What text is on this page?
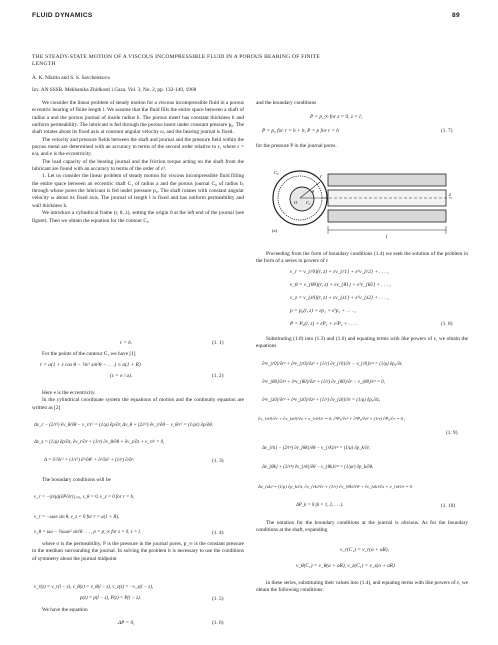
FLUID DYNAMICS	89
THE STEADY-STATE MOTION OF A VISCOUS INCOMPRESSIBLE FLUID IN A POROUS BEARING OF FINITE LENGTH
A. K. Nikitin and S. S. Savchenkova
Izv. AN SSSR. Mekhanika Zhidkosti i Gaza, Vol. 3, No. 2, pp. 132-140, 1968

We consider the linear problem of steady motion for a viscous incompressible fluid in a porous eccentric bearing of finite length l. We assume that the fluid fills the entire space between a shaft of radius a and the porous journal of inside radius b. The porous insert has constant thickness h and uniform permeability. The lubricant is fed through the porous insert under constant pressure p₀. The shaft rotates about its fixed axis at constant angular velocity ω, and the bearing journal is fixed.

The velocity and pressure fields between the shaft and journal and the pressure field within the porous metal are determined with an accuracy to terms of the second order relative to ε, where ε = e/a, and e is the eccentricity.

The load capacity of the bearing journal and the friction torque acting on the shaft from the lubricant are found with an accuracy to terms of the order of ε².

1. Let us consider the linear problem of steady motion for viscous incompressible fluid filling the entire space between an eccentric shaft C₁ of radius a and the porous journal C₀ of radius b, through whose pores the lubricant is fed under pressure p₀. The shaft rotates with constant angular velocity ω about its fixed axis. The journal of length l is fixed and has uniform permeability and wall thickness h.

We introduce a cylindrical frame (r, θ, z), setting the origin 0 at the left end of the journal (see figure). Then we obtain the equation for the contour C₀

r = b.	(1. 1)

For the points of the contour C₁ we have [1]

r = a(1 + ε cos θ − ½ε² sin²θ − . . .) ≡ a(1 + R)
(ε = e / a).	(1. 2)

Here e is the eccentricity.

In the cylindrical coordinate system the equations of motion and the continuity equation are written as [2]

Δv_r − (2/r²) ∂v_θ/∂θ − v_r/r² = (1/μ) ∂p/∂r, Δv_θ + (2/r²) ∂v_r/∂θ − v_θ/r² = (1/μr) ∂p/∂θ,
Δv_z = (1/μ) ∂p/∂z, ∂v_r/∂r + (1/r) ∂v_θ/∂θ + ∂v_z/∂z + v_r/r = 0,
Δ = ∂²/∂r² + (1/r²) ∂²/∂θ² + ∂²/∂z² + (1/r) ∂/∂r.	(1. 3)

The boundary conditions will be

v_r = −(σ/μ)(∂P/∂r)|ᵣ₌ᵦ, v_θ = 0, v_z = 0 for r = b,
v_r = −ωae sin θ, v_z = 0 for r = a(1 + R),
v_θ = ωa − ½ωae² sin²θ . . . , p = p_∞ for z = 0, z = l.	(1. 4)

where σ is the permeability, P is the pressure in the journal pores, p_∞ is the constant pressure in the medium surrounding the journal. In solving the problem it is necessary to use the conditions of symmetry about the journal midpoint

v_r(z) = v_r(l − z), v_θ(z) = v_θ(l − z), v_z(z) = −v_z(l − z),
p(z) = p(l − z), P(z) = P(l − z).	(1. 5)

We have the equation

ΔP = 0,	(1. 6)

and the boundary conditions

P = p_∞ for z = 0, z = l;
P = p₀ for r = b + h, P = p for r = b	(1. 7)

for the pressure P in the journal pores.

r
C₁
C₀
θ
O
z
l
(a)

Proceeding from the form of boundary conditions (1.4) we seek the solution of the problem in the form of a series in powers of ε

v_r = v_{r0}(r, z) + εv_{r1} + ε²v_{r2} + . . . ,
v_θ = v_{θ0}(r, z) + εv_{θ1} + ε²v_{θ2} + . . . ,
v_z = v_{z0}(r, z) + εv_{z1} + ε²v_{z2} + . . . ,
p = p₀(r, z) + εp₁ + ε²p₂ + . . . ,
P = P₀(r, z) + εP₁ + ε²P₂ + . . . .	(1. 8)

Substituting (1.8) into (1.3) and (1.6) and equating terms with like powers of ε, we obtain the equations

∂²v_{r0}/∂r² + ∂²v_{r0}/∂z² + (1/r) ∂v_{r0}/∂r − v_{r0}/r² = (1/μ) ∂p₀/∂r,
∂²v_{θ0}/∂r² + ∂²v_{θ0}/∂z² + (1/r) ∂v_{θ0}/∂r − v_{θ0}/r² = 0,
∂²v_{z0}/∂r² + ∂²v_{z0}/∂z² + (1/r) ∂v_{z0}/∂r = (1/μ) ∂p₀/∂z,
∂v_{r0}/∂r + ∂v_{z0}/∂z + v_{r0}/r = 0, ∂²P₀/∂r² + ∂²P₀/∂z² + (1/r) ∂P₀/∂r = 0 ;
(1. 9)
Δv_{rk} − (2/r²) ∂v_{θk}/∂θ − v_{rk}/r² = (1/μ) ∂p_k/∂r,
Δv_{θk} + (2/r²) ∂v_{rk}/∂θ − v_{θk}/r² = (1/μr) ∂p_k/∂θ,
Δv_{zk} = (1/μ) ∂p_k/∂z, ∂v_{rk}/∂r + (1/r) ∂v_{θk}/∂θ + ∂v_{zk}/∂z + v_{rk}/r = 0
ΔP_k = 0 (k = 1, 2, . . .).	(1. 10)

The notation for the boundary conditions at the journal is obvious. As for the boundary conditions at the shaft, expanding

v_r(C₁) = v_r(a + aR),
v_θ(C₁) = v_θ(a + aR), v_z(C₁) = v_z(a + aR)

in these series, substituting their values into (1.4), and equating terms with like powers of ε, we obtain the following conditions:
